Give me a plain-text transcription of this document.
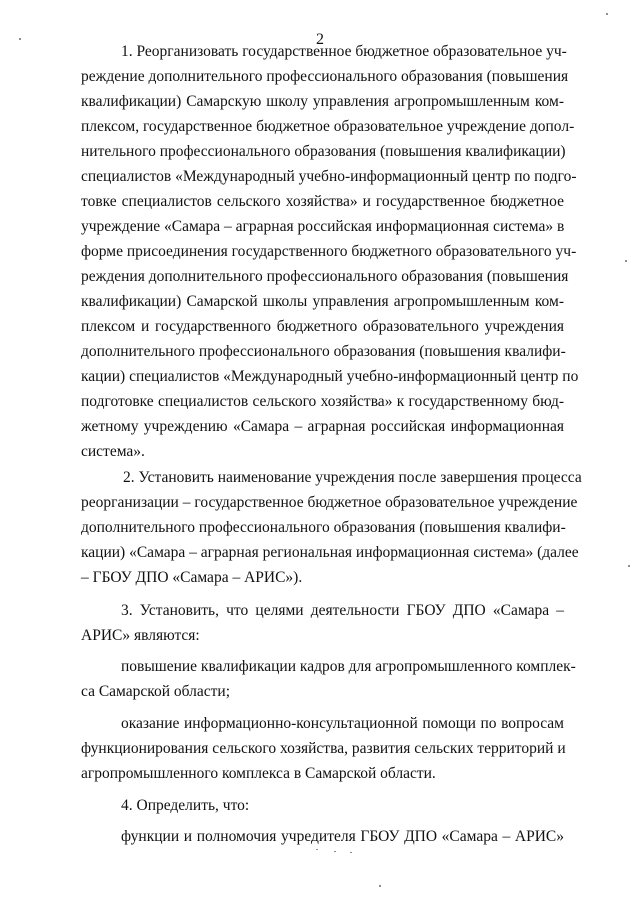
2
1. Реорганизовать государственное бюджетное образовательное уч-
реждение дополнительного профессионального образования (повышения
квалификации) Самарскую школу управления агропромышленным ком-
плексом, государственное бюджетное образовательное учреждение допол-
нительного профессионального образования (повышения квалификации)
специалистов «Международный учебно-информационный центр по подго-
товке специалистов сельского хозяйства» и государственное бюджетное
учреждение «Самара – аграрная российская информационная система» в
форме присоединения государственного бюджетного образовательного уч-
реждения дополнительного профессионального образования (повышения
квалификации) Самарской школы управления агропромышленным ком-
плексом и государственного бюджетного образовательного учреждения
дополнительного профессионального образования (повышения квалифи-
кации) специалистов «Международный учебно-информационный центр по
подготовке специалистов сельского хозяйства» к государственному бюд-
жетному учреждению «Самара – аграрная российская информационная
система».
2. Установить наименование учреждения после завершения процесса
реорганизации – государственное бюджетное образовательное учреждение
дополнительного профессионального образования (повышения квалифи-
кации) «Самара – аграрная региональная информационная система» (далее
– ГБОУ ДПО «Самара – АРИС»).
3. Установить, что целями деятельности ГБОУ ДПО «Самара –
АРИС» являются:
повышение квалификации кадров для агропромышленного комплек-
са Самарской области;
оказание информационно-консультационной помощи по вопросам
функционирования сельского хозяйства, развития сельских территорий и
агропромышленного комплекса в Самарской области.
4. Определить, что:
функции и полномочия учредителя ГБОУ ДПО «Самара – АРИС»
